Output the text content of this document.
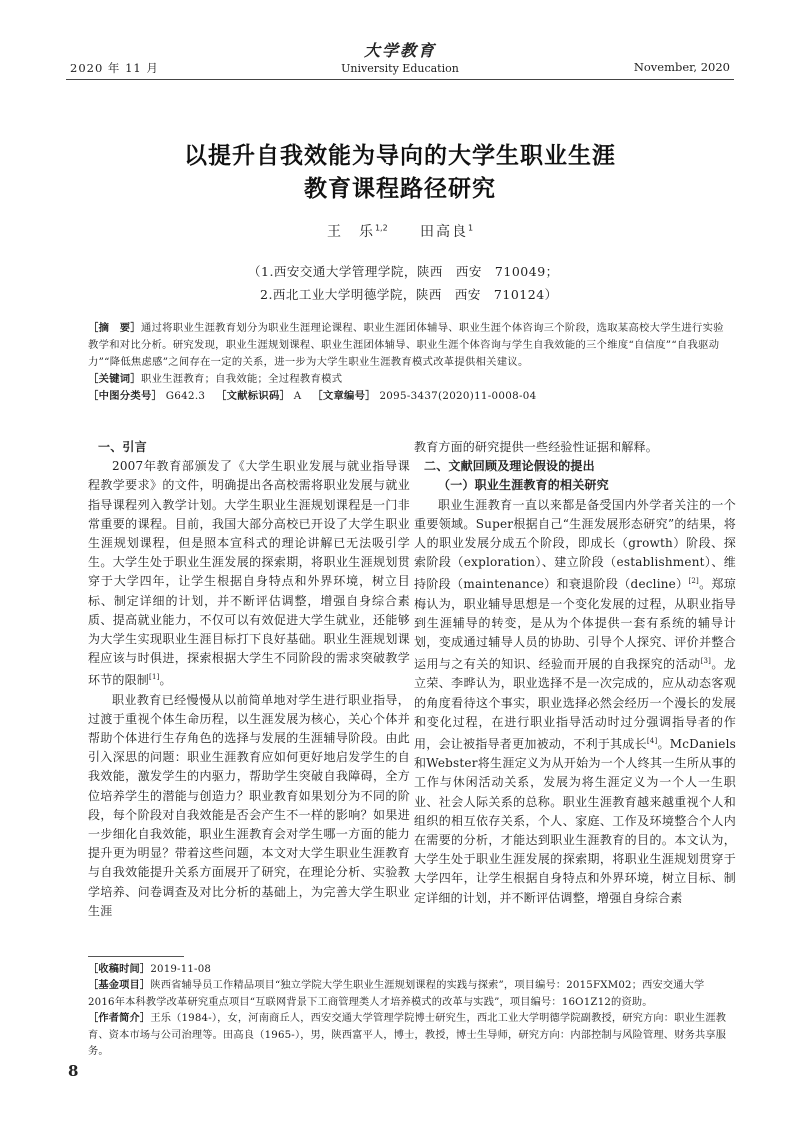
大学教育
2020 年 11 月	University Education	November, 2020
以提升自我效能为导向的大学生职业生涯
教育课程路径研究
王　乐$^{1,2}$ 田高良$^1$
（1.西安交通大学管理学院，陕西　西安　710049；
2.西北工业大学明德学院，陕西　西安　710124）

［摘　要］通过将职业生涯教育划分为职业生涯理论课程、职业生涯团体辅导、职业生涯个体咨询三个阶段，选取某高校大学生进行实验教学和对比分析。研究发现，职业生涯规划课程、职业生涯团体辅导、职业生涯个体咨询与学生自我效能的三个维度“自信度”“自我驱动力”“降低焦虑感”之间存在一定的关系，进一步为大学生职业生涯教育模式改革提供相关建议。

［关键词］职业生涯教育；自我效能；全过程教育模式

［中图分类号］ G642.3 ［文献标识码］ A ［文章编号］ 2095-3437(2020)11-0008-04

一、引言

2007年教育部颁发了《大学生职业发展与就业指导课程教学要求》的文件，明确提出各高校需将职业发展与就业指导课程列入教学计划。大学生职业生涯规划课程是一门非常重要的课程。目前，我国大部分高校已开设了大学生职业生涯规划课程，但是照本宣科式的理论讲解已无法吸引学生。大学生处于职业生涯发展的探索期，将职业生涯规划贯穿于大学四年，让学生根据自身特点和外界环境，树立目标、制定详细的计划，并不断评估调整，增强自身综合素质、提高就业能力，不仅可以有效促进大学生就业，还能够为大学生实现职业生涯目标打下良好基础。职业生涯规划课程应该与时俱进，探索根据大学生不同阶段的需求突破教学环节的限制[1]。

职业教育已经慢慢从以前简单地对学生进行职业指导，过渡于重视个体生命历程，以生涯发展为核心，关心个体并帮助个体进行生存角色的选择与发展的生涯辅导阶段。由此引入深思的问题：职业生涯教育应如何更好地启发学生的自我效能，激发学生的内驱力，帮助学生突破自我障碍，全方位培养学生的潜能与创造力？职业教育如果划分为不同的阶段，每个阶段对自我效能是否会产生不一样的影响？如果进一步细化自我效能，职业生涯教育会对学生哪一方面的能力提升更为明显？带着这些问题，本文对大学生职业生涯教育与自我效能提升关系方面展开了研究，在理论分析、实验教学培养、问卷调查及对比分析的基础上，为完善大学生职业生涯

教育方面的研究提供一些经验性证据和解释。

二、文献回顾及理论假设的提出
（一）职业生涯教育的相关研究

职业生涯教育一直以来都是备受国内外学者关注的一个重要领域。Super根据自己“生涯发展形态研究”的结果，将人的职业发展分成五个阶段，即成长（growth）阶段、探索阶段（exploration）、建立阶段（establishment）、维持阶段（maintenance）和衰退阶段（decline）[2]。郑琼梅认为，职业辅导思想是一个变化发展的过程，从职业指导到生涯辅导的转变，是从为个体提供一套有系统的辅导计划，变成通过辅导人员的协助、引导个人探究、评价并整合运用与之有关的知识、经验而开展的自我探究的活动[3]。龙立荣、李晔认为，职业选择不是一次完成的，应从动态客观的角度看待这个事实，职业选择必然会经历一个漫长的发展和变化过程，在进行职业指导活动时过分强调指导者的作用，会让被指导者更加被动，不利于其成长[4]。McDaniels和Webster将生涯定义为从开始为一个人终其一生所从事的工作与休闲活动关系，发展为将生涯定义为一个人一生职业、社会人际关系的总称。职业生涯教育越来越重视个人和组织的相互依存关系，个人、家庭、工作及环境整合个人内在需要的分析，才能达到职业生涯教育的目的。本文认为，大学生处于职业生涯发展的探索期，将职业生涯规划贯穿于大学四年，让学生根据自身特点和外界环境，树立目标、制定详细的计划，并不断评估调整，增强自身综合素

［收稿时间］2019-11-08

［基金项目］陕西省辅导员工作精品项目“独立学院大学生职业生涯规划课程的实践与探索”，项目编号：2015FXM02；西安交通大学2016年本科教学改革研究重点项目“互联网背景下工商管理类人才培养模式的改革与实践”，项目编号：16O1Z12的资助。

［作者简介］王乐（1984-），女，河南商丘人，西安交通大学管理学院博士研究生，西北工业大学明德学院副教授，研究方向：职业生涯教育、资本市场与公司治理等。田高良（1965-），男，陕西富平人，博士，教授，博士生导师，研究方向：内部控制与风险管理、财务共享服务。

8
